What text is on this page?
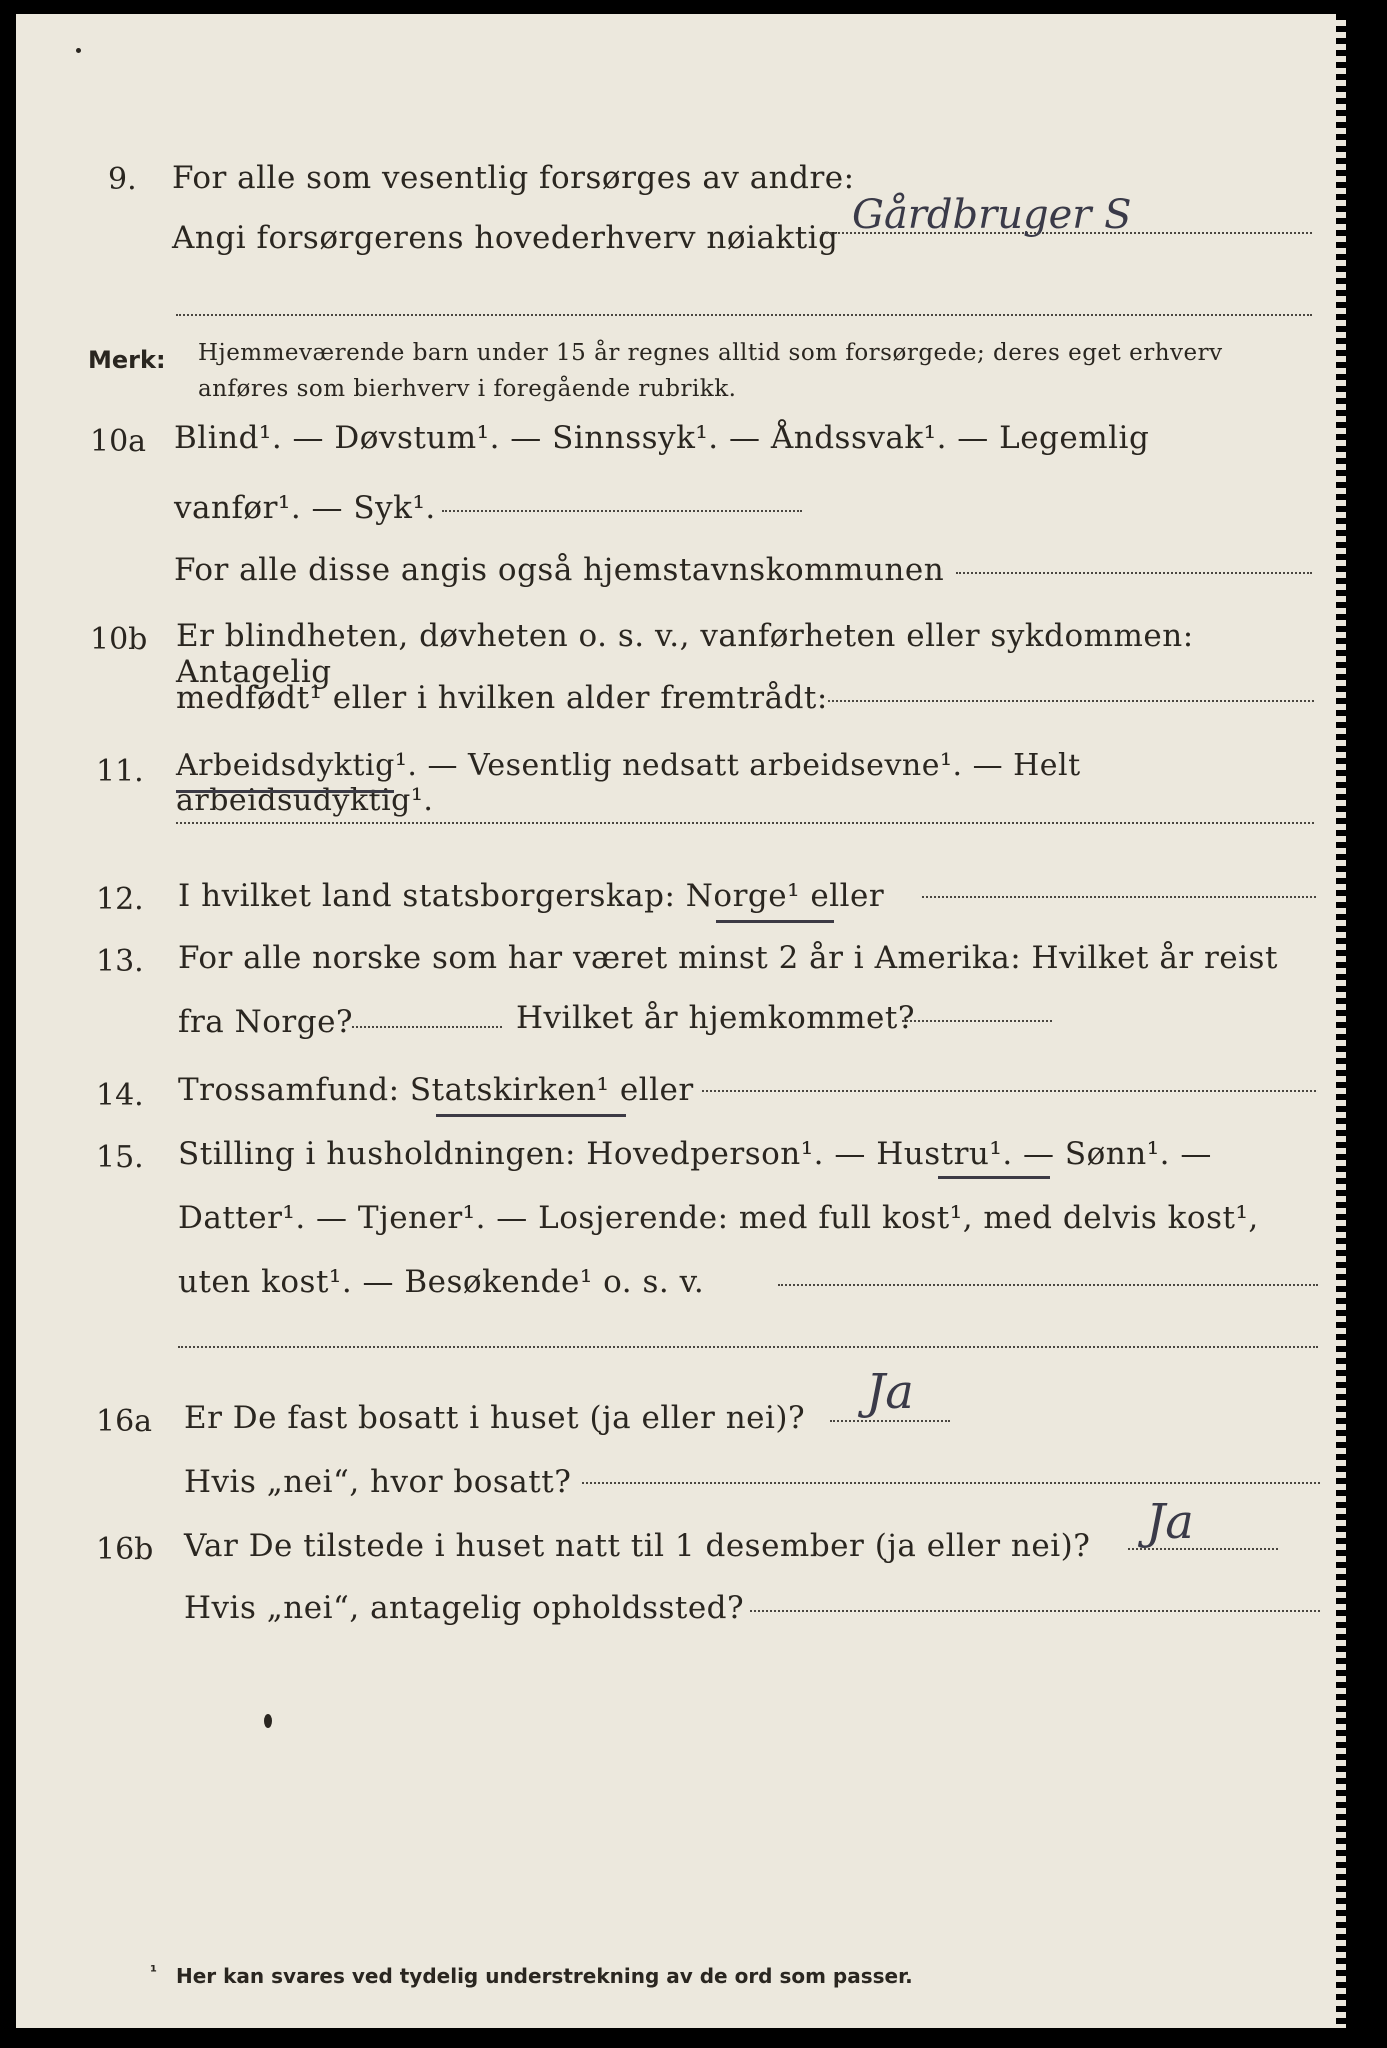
9. For alle som vesentlig forsørges av andre:
Angi forsørgerens hovederhverv nøiaktig Gårdbruger S
Merk: Hjemmeværende barn under 15 år regnes alltid som forsørgede; deres eget erhverv
anføres som bierhverv i foregående rubrikk.
10a Blind¹. — Døvstum¹. — Sinnssyk¹. — Åndssvak¹. — Legemlig
vanfør¹. — Syk¹.
For alle disse angis også hjemstavnskommunen
10b Er blindheten, døvheten o. s. v., vanførheten eller sykdommen: Antagelig
medfødt¹ eller i hvilken alder fremtrådt:
11. Arbeidsdyktig¹. — Vesentlig nedsatt arbeidsevne¹. — Helt arbeidsudyktig¹.
12. I hvilket land statsborgerskap: Norge¹ eller
13. For alle norske som har været minst 2 år i Amerika: Hvilket år reist
fra Norge?	Hvilket år hjemkommet?
14. Trossamfund: Statskirken¹ eller
15. Stilling i husholdningen: Hovedperson¹. — Hustru¹. — Sønn¹. —
Datter¹. — Tjener¹. — Losjerende: med full kost¹, med delvis kost¹,
uten kost¹. — Besøkende¹ o. s. v.
16a Er De fast bosatt i huset (ja eller nei)? Ja
Hvis „nei“, hvor bosatt?
16b Var De tilstede i huset natt til 1 desember (ja eller nei)? Ja
Hvis „nei“, antagelig opholdssted?
¹ Her kan svares ved tydelig understrekning av de ord som passer.
